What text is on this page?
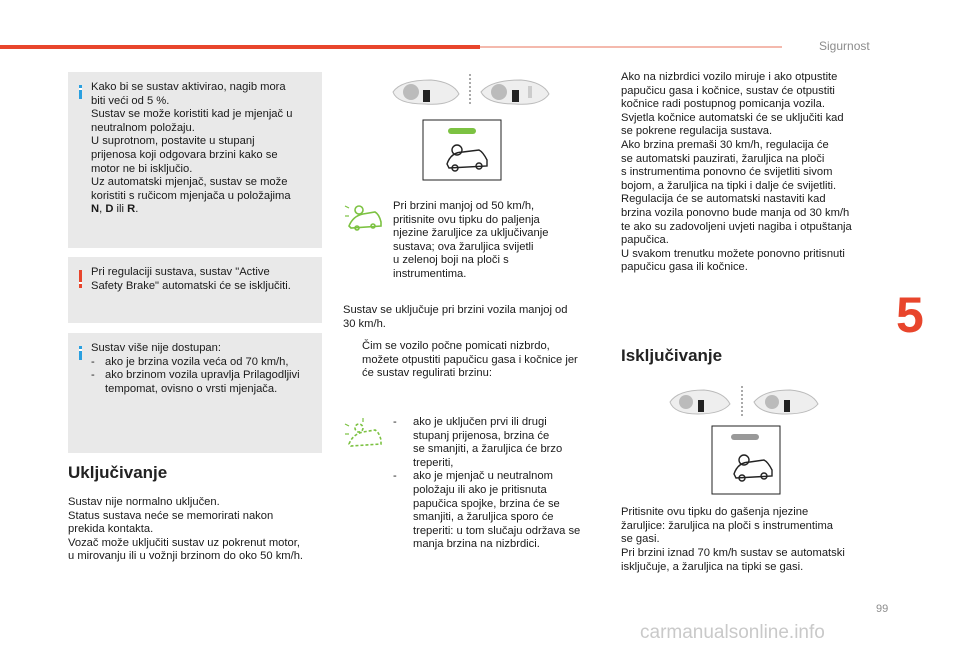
Sigurnost
5
Kako bi se sustav aktivirao, nagib mora
biti veći od 5 %.
Sustav se može koristiti kad je mjenjač u
neutralnom položaju.
U suprotnom, postavite u stupanj
prijenosa koji odgovara brzini kako se
motor ne bi isključio.
Uz automatski mjenjač, sustav se može
koristiti s ručicom mjenjača u položajima
N, D ili R.
Pri regulaciji sustava, sustav "Active
Safety Brake" automatski će se isključiti.
Sustav više nije dostupan:
- ako je brzina vozila veća od 70 km/h,
- ako brzinom vozila upravlja Prilagodljivi
tempomat, ovisno o vrsti mjenjača.
Uključivanje
Sustav nije normalno uključen.
Status sustava neće se memorirati nakon
prekida kontakta.
Vozač može uključiti sustav uz pokrenut motor,
u mirovanju ili u vožnji brzinom do oko 50 km/h.
Pri brzini manjoj od 50 km/h,
pritisnite ovu tipku do paljenja
njezine žaruljice za uključivanje
sustava; ova žaruljica svijetli
u zelenoj boji na ploči s
instrumentima.
Sustav se uključuje pri brzini vozila manjoj od
30 km/h.
Čim se vozilo počne pomicati nizbrdo,
možete otpustiti papučicu gasa i kočnice jer
će sustav regulirati brzinu:
-	ako je uključen prvi ili drugi
stupanj prijenosa, brzina će
se smanjiti, a žaruljica će brzo
treperiti,
-	ako je mjenjač u neutralnom
položaju ili ako je pritisnuta
papučica spojke, brzina će se
smanjiti, a žaruljica sporo će
treperiti: u tom slučaju održava se
manja brzina na nizbrdici.
Ako na nizbrdici vozilo miruje i ako otpustite
papučicu gasa i kočnice, sustav će otpustiti
kočnice radi postupnog pomicanja vozila.
Svjetla kočnice automatski će se uključiti kad
se pokrene regulacija sustava.
Ako brzina premaši 30 km/h, regulacija će
se automatski pauzirati, žaruljica na ploči
s instrumentima ponovno će svijetliti sivom
bojom, a žaruljica na tipki i dalje će svijetliti.
Regulacija će se automatski nastaviti kad
brzina vozila ponovno bude manja od 30 km/h
te ako su zadovoljeni uvjeti nagiba i otpuštanja
papučica.
U svakom trenutku možete ponovno pritisnuti
papučicu gasa ili kočnice.
Isključivanje
Pritisnite ovu tipku do gašenja njezine
žaruljice: žaruljica na ploči s instrumentima
se gasi.
Pri brzini iznad 70 km/h sustav se automatski
isključuje, a žaruljica na tipki se gasi.
99
carmanualsonline.info
